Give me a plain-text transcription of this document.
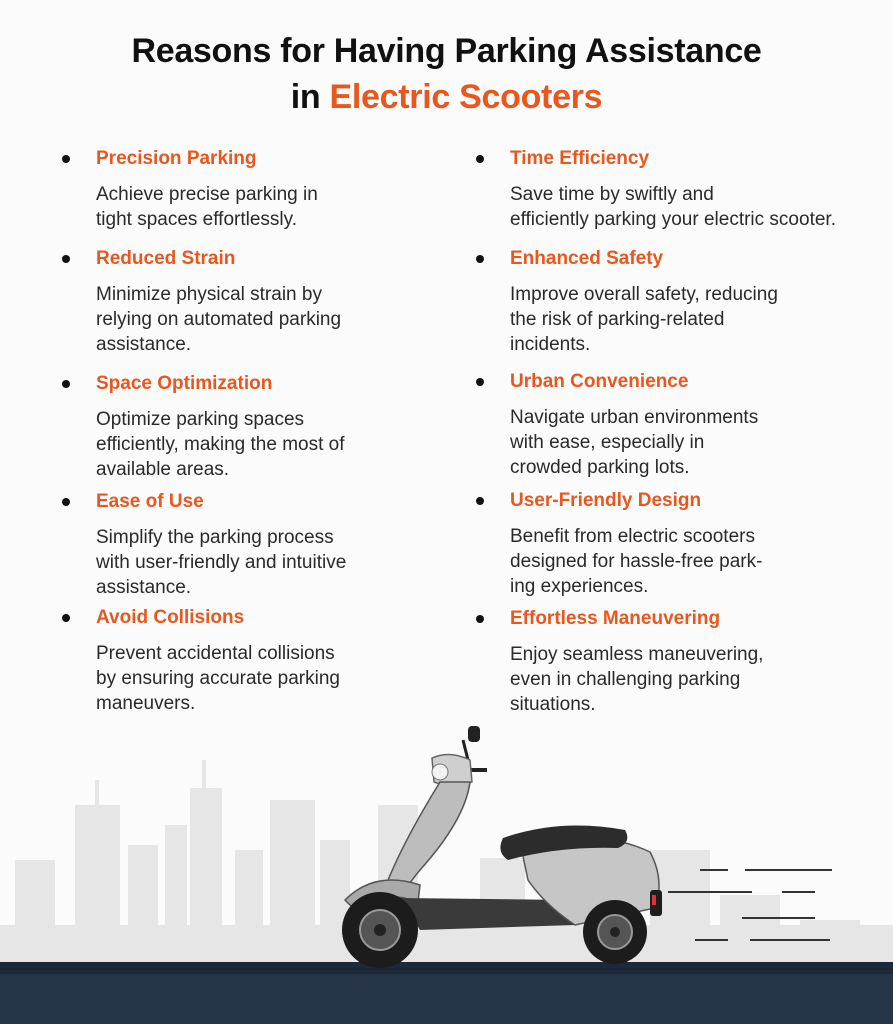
Reasons for Having Parking Assistance
in Electric Scooters
Precision Parking
Achieve precise parking in
tight spaces effortlessly.
Reduced Strain
Minimize physical strain by
relying on automated parking
assistance.
Space Optimization
Optimize parking spaces
efficiently, making the most of
available areas.
Ease of Use
Simplify the parking process
with user-friendly and intuitive
assistance.
Avoid Collisions
Prevent accidental collisions
by ensuring accurate parking
maneuvers.
Time Efficiency
Save time by swiftly and
efficiently parking your electric scooter.
Enhanced Safety
Improve overall safety, reducing
the risk of parking-related
incidents.
Urban Convenience
Navigate urban environments
with ease, especially in
crowded parking lots.
User-Friendly Design
Benefit from electric scooters
designed for hassle-free park-
ing experiences.
Effortless Maneuvering
Enjoy seamless maneuvering,
even in challenging parking
situations.
